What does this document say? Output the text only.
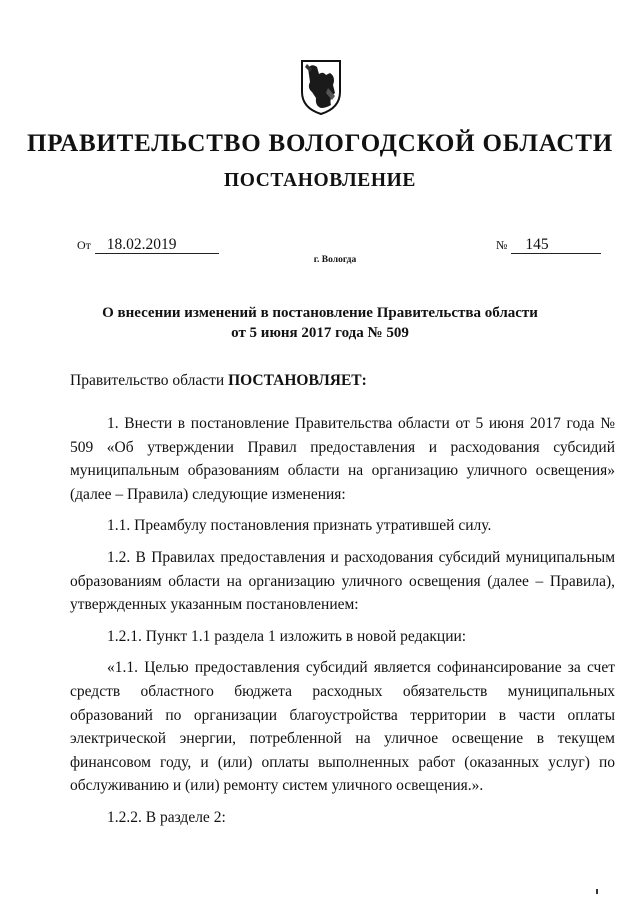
ПРАВИТЕЛЬСТВО ВОЛОГОДСКОЙ ОБЛАСТИ
ПОСТАНОВЛЕНИЕ
От 18.02.2019	№ 145
г. Вологда
О внесении изменений в постановление Правительства области
от 5 июня 2017 года № 509
Правительство области ПОСТАНОВЛЯЕТ:
1. Внести в постановление Правительства области от 5 июня 2017 года № 509 «Об утверждении Правил предоставления и расходования субсидий муниципальным образованиям области на организацию уличного освещения» (далее – Правила) следующие изменения:
1.1. Преамбулу постановления признать утратившей силу.
1.2. В Правилах предоставления и расходования субсидий муниципальным образованиям области на организацию уличного освещения (далее – Правила), утвержденных указанным постановлением:
1.2.1. Пункт 1.1 раздела 1 изложить в новой редакции:
«1.1. Целью предоставления субсидий является софинансирование за счет средств областного бюджета расходных обязательств муниципальных образований по организации благоустройства территории в части оплаты электрической энергии, потребленной на уличное освещение в текущем финансовом году, и (или) оплаты выполненных работ (оказанных услуг) по обслуживанию и (или) ремонту систем уличного освещения.».
1.2.2. В разделе 2:
